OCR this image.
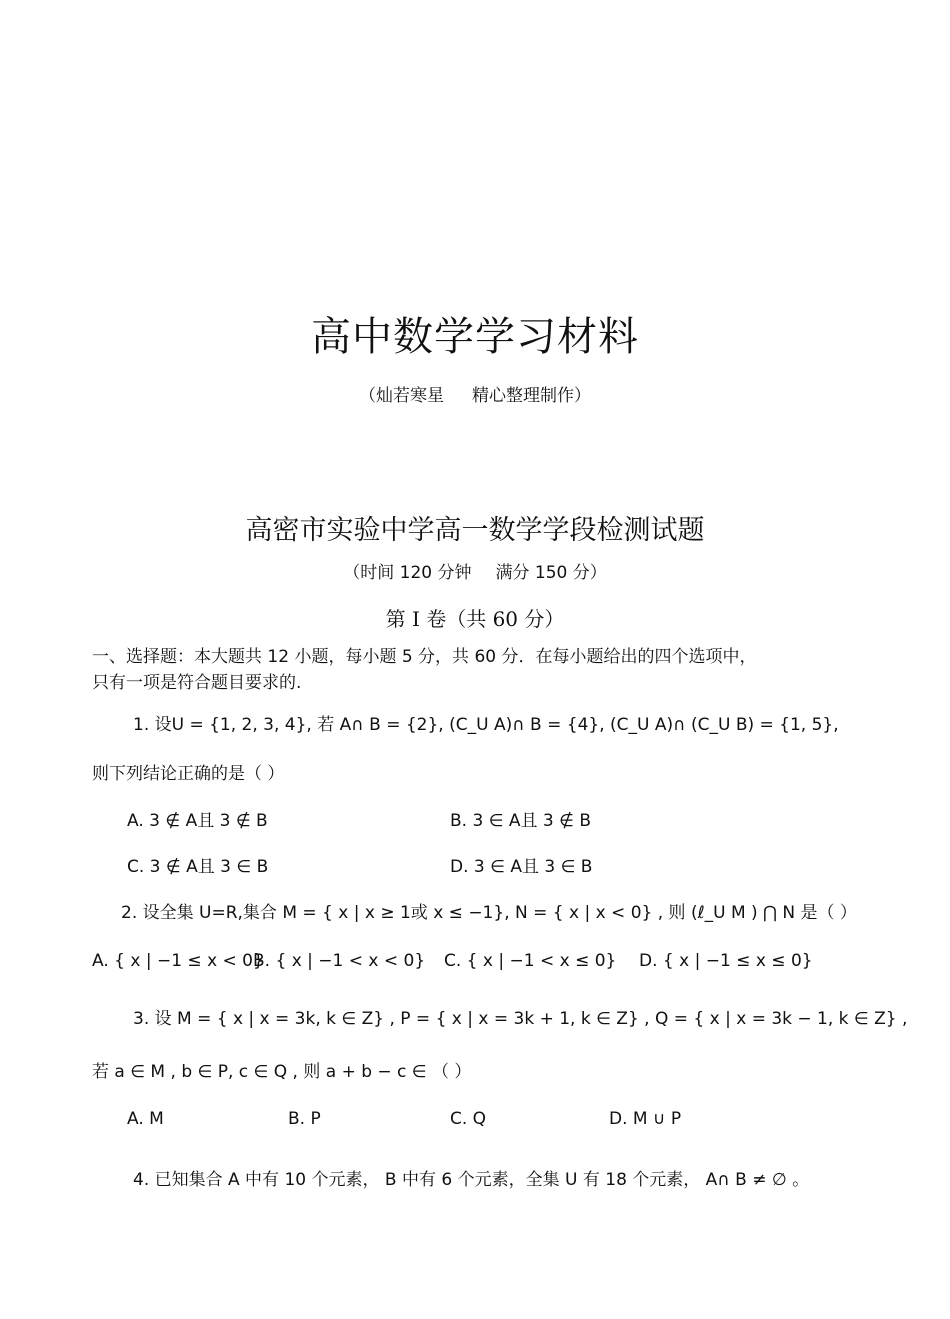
高中数学学习材料
（灿若寒星 精心整理制作）
高密市实验中学高一数学学段检测试题
（时间 120 分钟 满分 150 分）
第 I 卷（共 60 分）
一、选择题：本大题共 12 小题，每小题 5 分，共 60 分．在每小题给出的四个选项中，
只有一项是符合题目要求的.
1. 设U = {1, 2, 3, 4}, 若 A∩ B = {2}, (C_U A)∩ B = {4}, (C_U A)∩ (C_U B) = {1, 5},
则下列结论正确的是（ ）
A. 3 ∉ A且 3 ∉ B	B. 3 ∈ A且 3 ∉ B
C. 3 ∉ A且 3 ∈ B	D. 3 ∈ A且 3 ∈ B
2. 设全集 U=R,集合 M = { x | x ≥ 1或 x ≤ −1}, N = { x | x < 0} , 则 (ℓ_U M ) ⋂ N 是（ ）
A. { x | −1 ≤ x < 0}
B. { x | −1 < x < 0} C. { x | −1 < x ≤ 0} D. { x | −1 ≤ x ≤ 0}
3. 设 M = { x | x = 3k, k ∈ Z} , P = { x | x = 3k + 1, k ∈ Z} , Q = { x | x = 3k − 1, k ∈ Z} ,
若 a ∈ M , b ∈ P, c ∈ Q , 则 a + b − c ∈ （ ）
A. M	B. P	C. Q	D. M ∪ P
4. 已知集合 A 中有 10 个元素， B 中有 6 个元素，全集 U 有 18 个元素， A∩ B ≠ ∅ 。
